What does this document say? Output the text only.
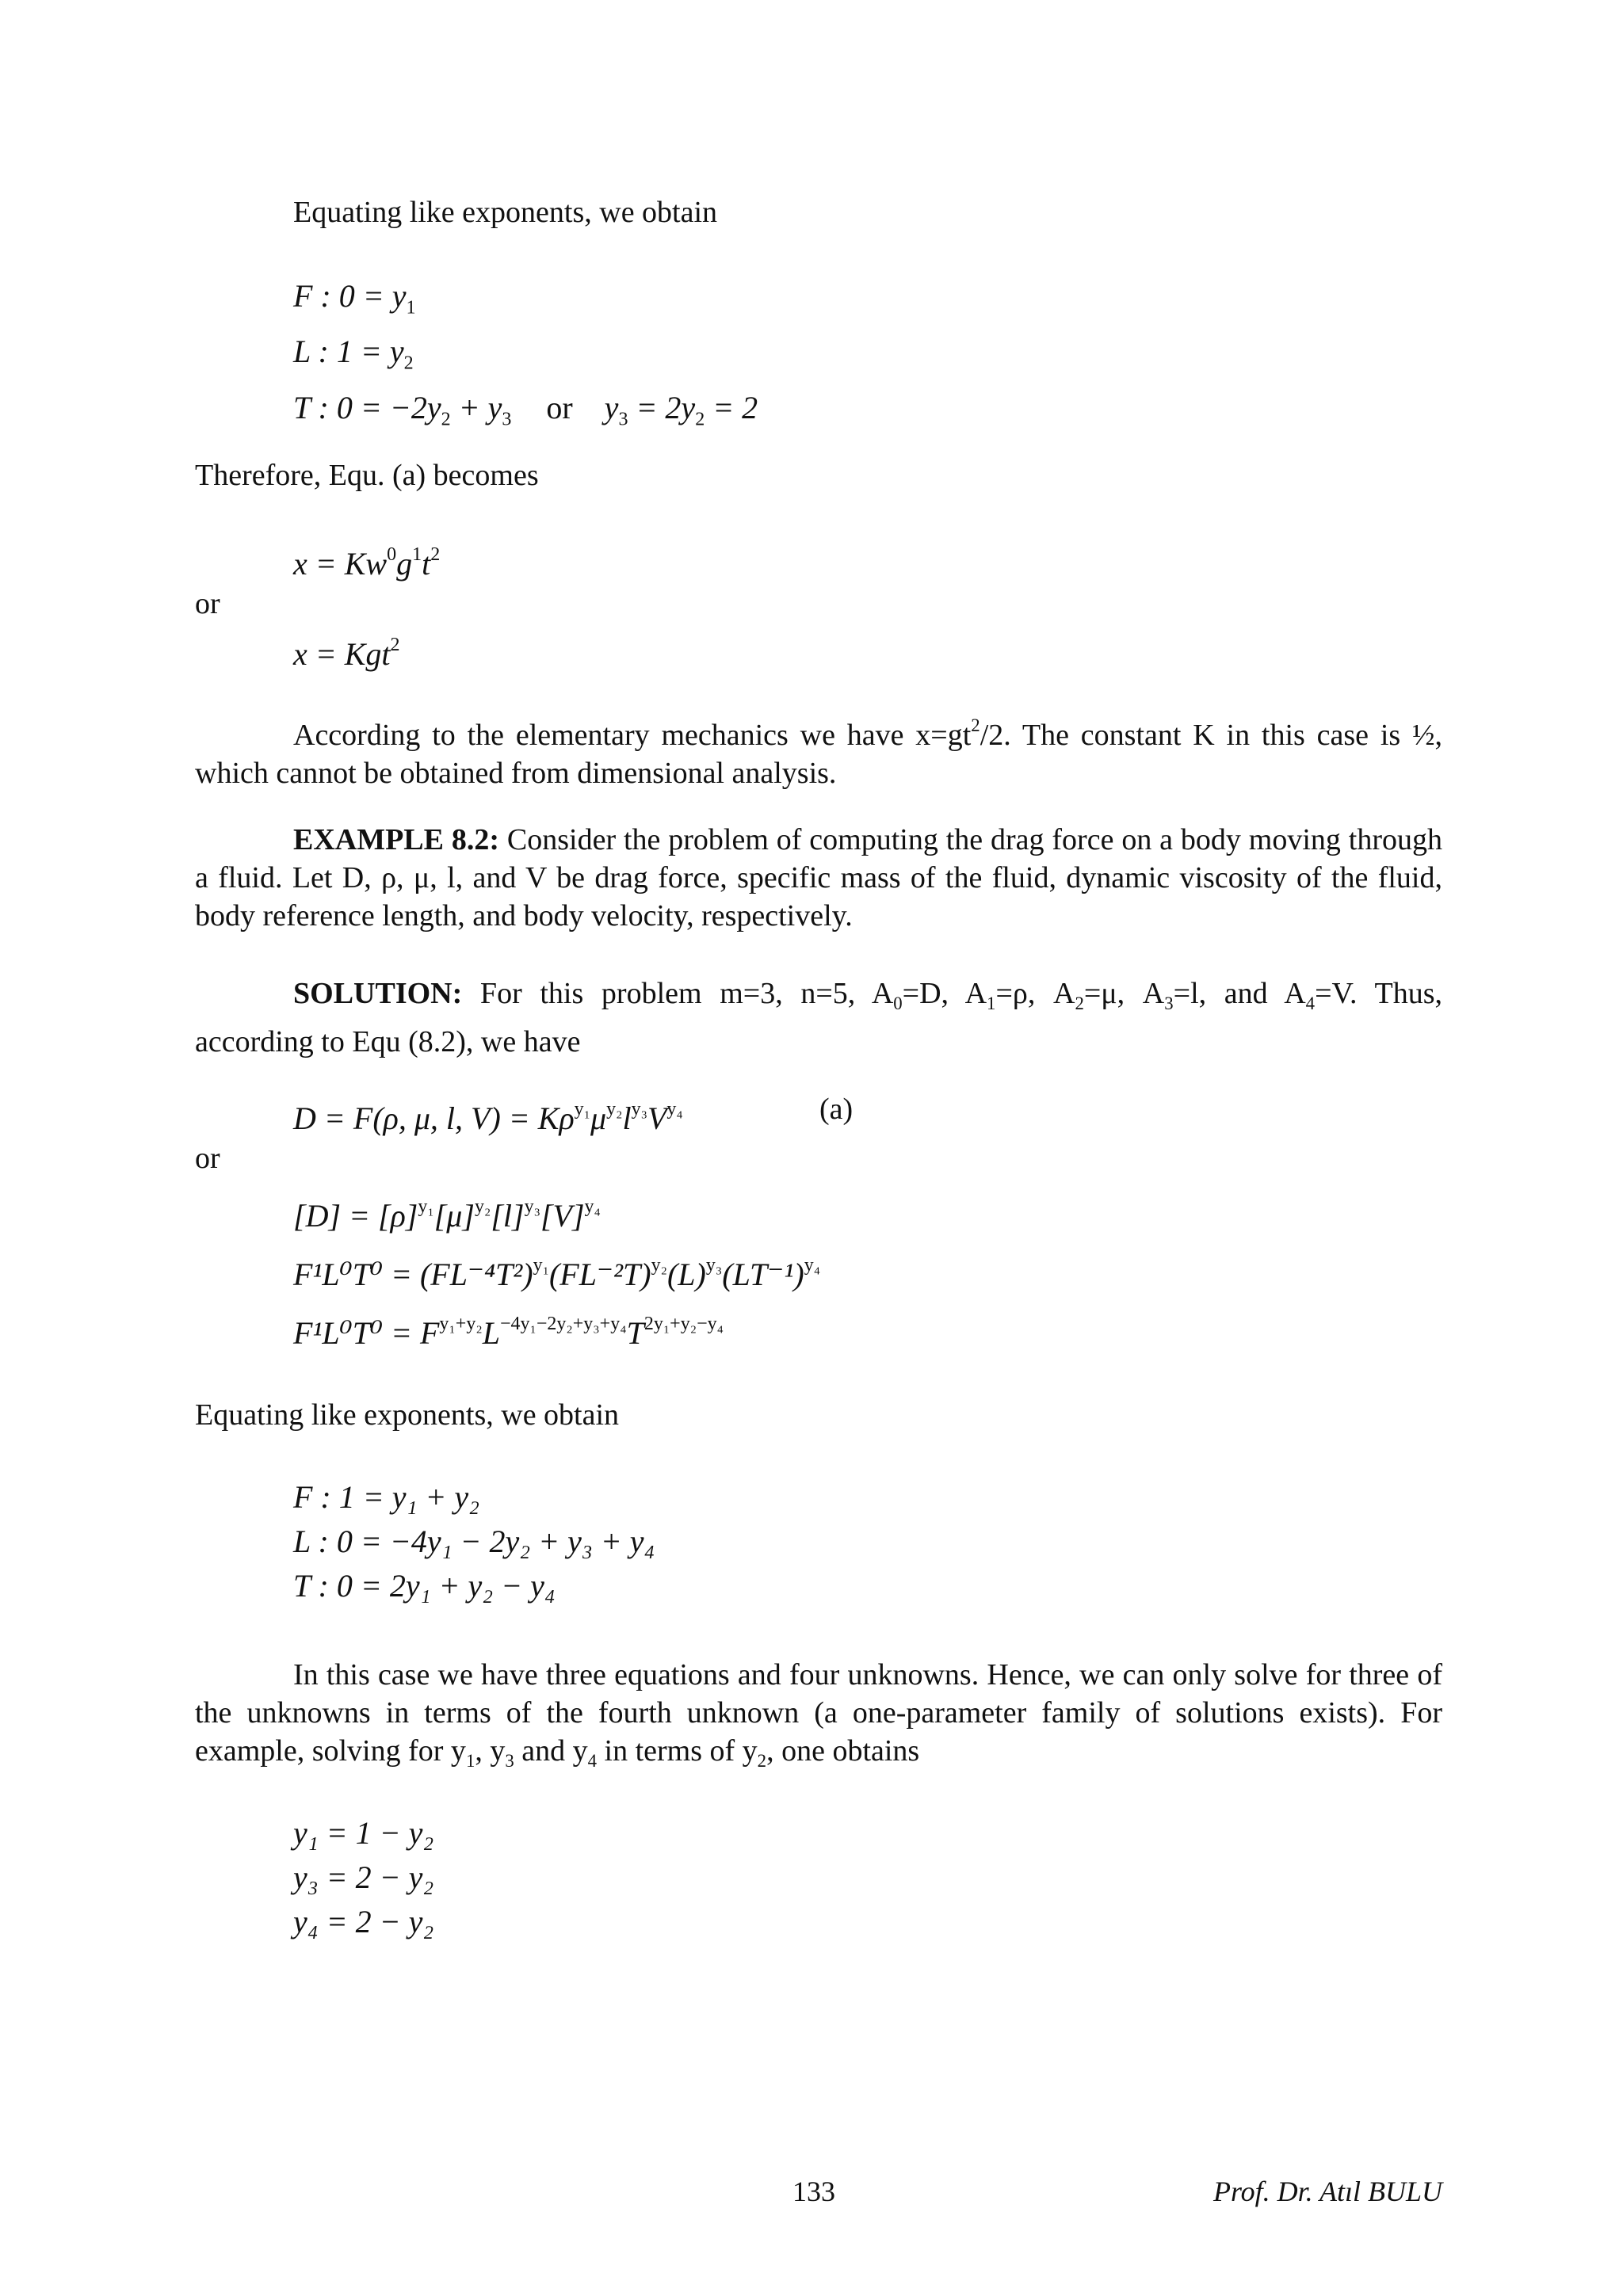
Equating like exponents, we obtain
F : $0 = y_1$
L : $1 = y_2$
T : $0 = -2y_2 + y_3$ or $y_3 = 2y_2 = 2$
Therefore, Equ. (a) becomes
$x = Kw^0g^1t^2$
or
x = Kgt$^2$
According to the elementary mechanics we have $x=gt^2/2$. The constant K in this case is ½, which cannot be obtained from dimensional analysis.
EXAMPLE 8.2: Consider the problem of computing the drag force on a body moving through a fluid. Let D, ρ, μ, l, and V be drag force, specific mass of the fluid, dynamic viscosity of the fluid, body reference length, and body velocity, respectively.
SOLUTION: For this problem m=3, n=5, $A_0=D$, $A_1=\rho$, $A_2=\mu$, $A_3=l$, and $A_4=V$. Thus, according to Equ (8.2), we have
D = F(ρ, μ, l, $V) = K\rho^{y_1}\mu^{y_2}l^{y_3}V^{y_4}$	(a)
or
$[D] = [\rho]^{y_1}[\mu]^{y_2}[l]^{y_3}[V]^{y_4}$
$F^1L^0T^0 = (FL^{-4}T^2)^{y_1}(FL^{-2}T)^{y_2}(L)^{y_3}(LT^{-1})^{y_4}$
$F^1L^0T^0 = F^{y_1+y_2}L^{-4y_1-2y_2+y_3+y_4}T^{2y_1+y_2-y_4}$
Equating like exponents, we obtain
F : 1 = y₁ + y₂
L : 0 = −4y₁ − 2y₂ + y₃ + y₄
T : 0 = 2y₁ + y₂ − y₄
In this case we have three equations and four unknowns. Hence, we can only solve for three of the unknowns in terms of the fourth unknown (a one-parameter family of solutions exists). For example, solving for $y_1$, $y_3$ and $y_4$ in terms of $y_2$, one obtains
y₁ = 1 − y₂
y₃ = 2 − y₂
y₄ = 2 − y₂
133	Prof. Dr. Atıl BULU
